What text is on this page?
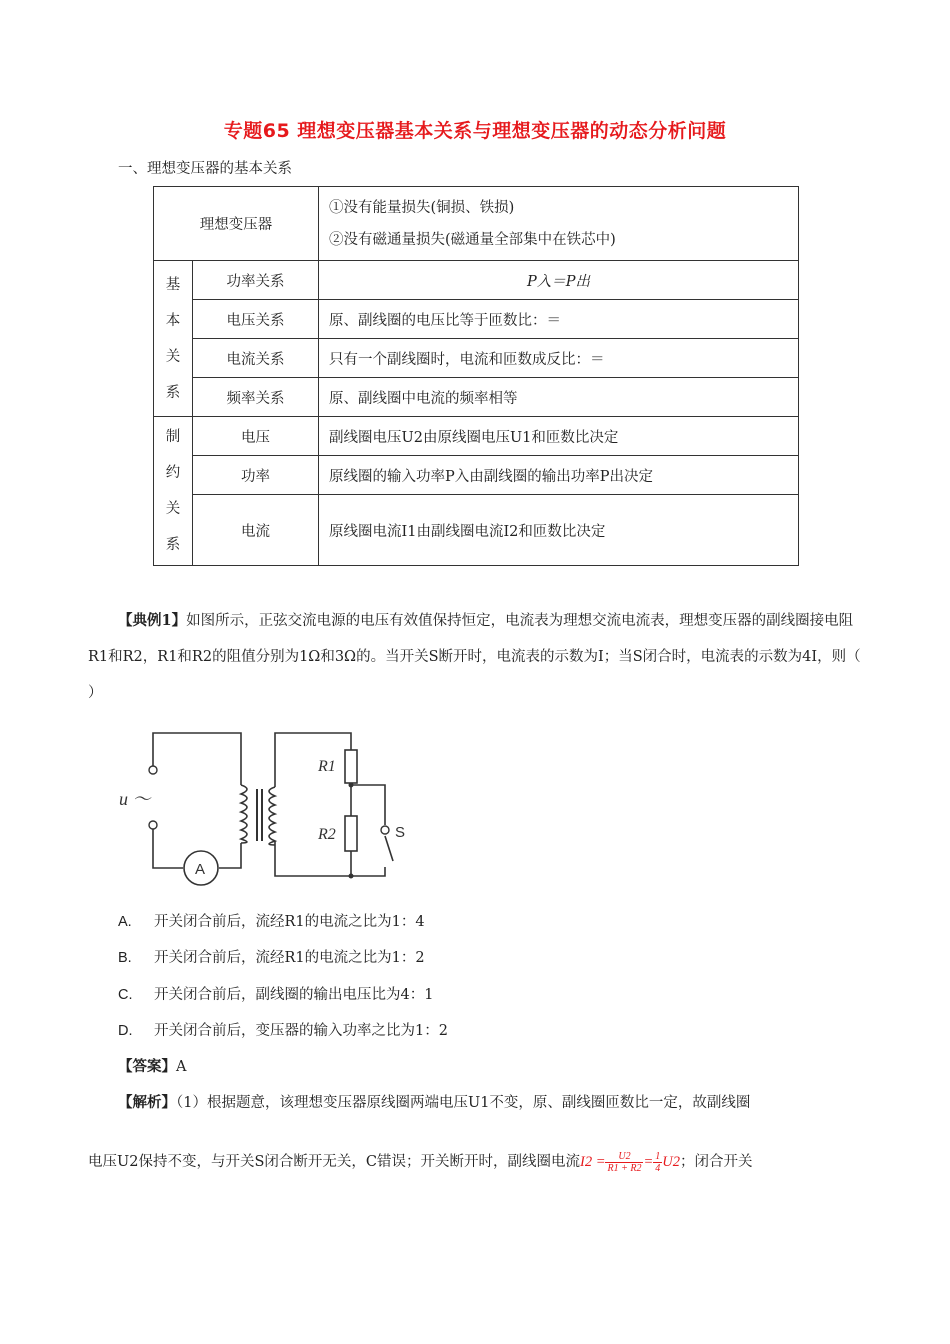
专题65 理想变压器基本关系与理想变压器的动态分析问题
一、理想变压器的基本关系
理想变压器		①没有能量损失(铜损、铁损)
②没有磁通量损失(磁通量全部集中在铁芯中)

基
本
关
系	功率关系	P入＝P出
	电压关系	原、副线圈的电压比等于匝数比：＝
	电流关系	只有一个副线圈时，电流和匝数成反比：＝
	频率关系	原、副线圈中电流的频率相等

制
约
关
系	电压	副线圈电压U2由原线圈电压U1和匝数比决定
	功率	原线圈的输入功率P入由副线圈的输出功率P出决定
	电流	原线圈电流I1由副线圈电流I2和匝数比决定
【典例1】如图所示，正弦交流电源的电压有效值保持恒定，电流表为理想交流电流表，理想变压器的副线圈接电阻R1和R2，R1和R2的阻值分别为1Ω和3Ω的。当开关S断开时，电流表的示数为I；当S闭合时，电流表的示数为4I，则（ ）
u ～
R1
R2	S
A
A. 开关闭合前后，流经R1的电流之比为1：4
B. 开关闭合前后，流经R1的电流之比为1：2
C. 开关闭合前后，副线圈的输出电压比为4：1
D. 开关闭合前后，变压器的输入功率之比为1：2
【答案】A
【解析】（1）根据题意，该理想变压器原线圈两端电压U1不变，原、副线圈匝数比一定，故副线圈
电压U2保持不变，与开关S闭合断开无关，C错误；开关断开时，副线圈电流$I2 = \frac{U2}{R1 + R2} = \frac{1}{4} U2$；闭合开关
